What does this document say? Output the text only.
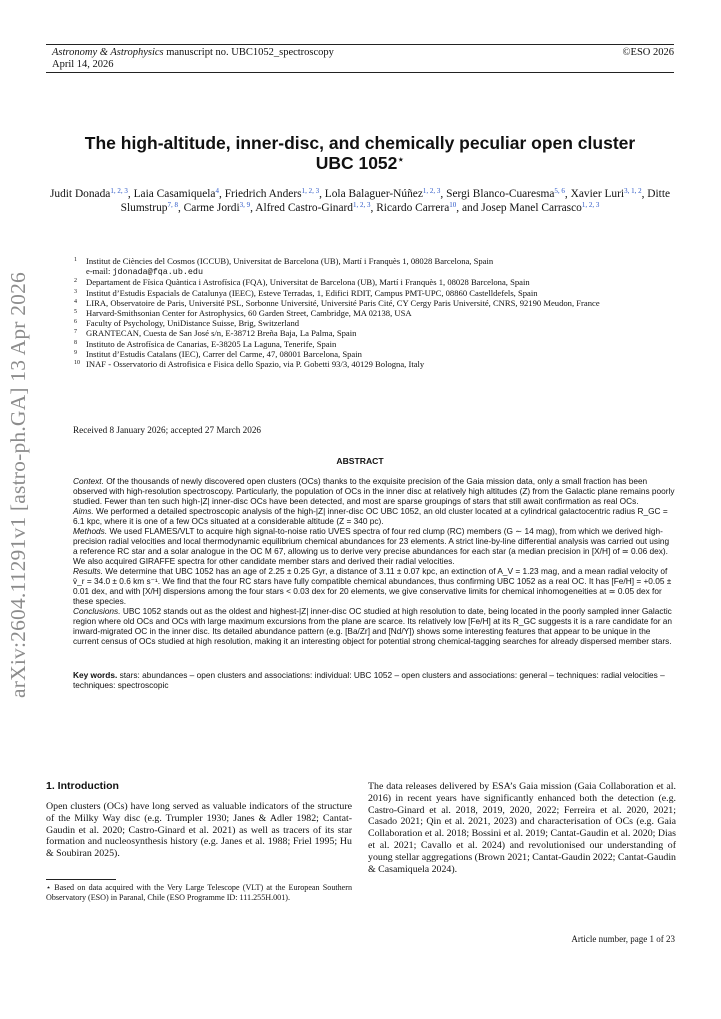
Astronomy & Astrophysics manuscript no. UBC1052_spectroscopy
April 14, 2026
©ESO 2026
arXiv:2604.11291v1 [astro-ph.GA] 13 Apr 2026
The high-altitude, inner-disc, and chemically peculiar open cluster
UBC 1052⋆
Judit Donada$^{1, 2, 3}$, Laia Casamiquela$^4$, Friedrich Anders$^{1, 2, 3}$, Lola Balaguer-Núñez$^{1, 2, 3}$, Sergi Blanco-Cuaresma$^{5, 6}$, Xavier Luri$^{3, 1, 2}$, Ditte Slumstrup$^{7, 8}$, Carme Jordi$^{3, 9}$, Alfred Castro-Ginard$^{1, 2, 3}$, Ricardo Carrera$^{10}$, and Josep Manel Carrasco$^{1, 2, 3}$
1 Institut de Ciències del Cosmos (ICCUB), Universitat de Barcelona (UB), Martí i Franquès 1, 08028 Barcelona, Spain
e-mail: jdonada@fqa.ub.edu
2 Departament de Física Quàntica i Astrofísica (FQA), Universitat de Barcelona (UB), Martí i Franquès 1, 08028 Barcelona, Spain
3 Institut d’Estudis Espacials de Catalunya (IEEC), Esteve Terradas, 1, Edifici RDIT, Campus PMT-UPC, 08860 Castelldefels, Spain
4 LIRA, Observatoire de Paris, Université PSL, Sorbonne Université, Université Paris Cité, CY Cergy Paris Université, CNRS, 92190 Meudon, France
5 Harvard-Smithsonian Center for Astrophysics, 60 Garden Street, Cambridge, MA 02138, USA
6 Faculty of Psychology, UniDistance Suisse, Brig, Switzerland
7 GRANTECAN, Cuesta de San José s/n, E-38712 Breña Baja, La Palma, Spain
8 Instituto de Astrofísica de Canarias, E-38205 La Laguna, Tenerife, Spain
9 Institut d’Estudis Catalans (IEC), Carrer del Carme, 47, 08001 Barcelona, Spain
10 INAF - Osservatorio di Astrofisica e Fisica dello Spazio, via P. Gobetti 93/3, 40129 Bologna, Italy
Received 8 January 2026; accepted 27 March 2026
ABSTRACT

Context. Of the thousands of newly discovered open clusters (OCs) thanks to the exquisite precision of the Gaia mission data, only a small fraction has been observed with high-resolution spectroscopy. Particularly, the population of OCs in the inner disc at relatively high altitudes (Z) from the Galactic plane remains poorly studied. Fewer than ten such high-|Z| inner-disc OCs have been detected, and most are sparse groupings of stars that still await confirmation as real OCs.

Aims. We performed a detailed spectroscopic analysis of the high-|Z| inner-disc OC UBC 1052, an old cluster located at a cylindrical galactocentric radius R_GC = 6.1 kpc, where it is one of a few OCs situated at a considerable altitude (Z = 340 pc).

Methods. We used FLAMES/VLT to acquire high signal-to-noise ratio UVES spectra of four red clump (RC) members (G ∼ 14 mag), from which we derived high-precision radial velocities and local thermodynamic equilibrium chemical abundances for 23 elements. A strict line-by-line differential analysis was carried out using a reference RC star and a solar analogue in the OC M 67, allowing us to derive very precise abundances for each star (a median precision in [X/H] of ≃ 0.06 dex). We also acquired GIRAFFE spectra for other candidate member stars and derived their radial velocities.

Results. We determine that UBC 1052 has an age of 2.25 ± 0.25 Gyr, a distance of 3.11 ± 0.07 kpc, an extinction of A_V = 1.23 mag, and a mean radial velocity of v̄_r = 34.0 ± 0.6 km s⁻¹. We find that the four RC stars have fully compatible chemical abundances, thus confirming UBC 1052 as a real OC. It has [Fe/H] = +0.05 ± 0.01 dex, and with [X/H] dispersions among the four stars < 0.03 dex for 20 elements, we give conservative limits for chemical inhomogeneities at ≃ 0.05 dex for these species.

Conclusions. UBC 1052 stands out as the oldest and highest-|Z| inner-disc OC studied at high resolution to date, being located in the poorly sampled inner Galactic region where old OCs and OCs with large maximum excursions from the plane are scarce. Its relatively low [Fe/H] at its R_GC suggests it is a rare candidate for an inward-migrated OC in the inner disc. Its detailed abundance pattern (e.g. [Ba/Zr] and [Nd/Y]) shows some interesting features that appear to be unique in the current census of OCs studied at high resolution, making it an interesting object for potential strong chemical-tagging searches for already dispersed member stars.

Key words. stars: abundances – open clusters and associations: individual: UBC 1052 – open clusters and associations: general – techniques: radial velocities – techniques: spectroscopic
1. Introduction
Open clusters (OCs) have long served as valuable indicators of the structure of the Milky Way disc (e.g. Trumpler 1930; Janes & Adler 1982; Cantat-Gaudin et al. 2020; Castro-Ginard et al. 2021) as well as tracers of its star formation and nucleosynthesis history (e.g. Janes et al. 1988; Friel 1995; Hu & Soubiran 2025).
The data releases delivered by ESA’s Gaia mission (Gaia Collaboration et al. 2016) in recent years have significantly enhanced both the detection (e.g. Castro-Ginard et al. 2018, 2019, 2020, 2022; Ferreira et al. 2020, 2021; Casado 2021; Qin et al. 2021, 2023) and characterisation of OCs (e.g. Gaia Collaboration et al. 2018; Bossini et al. 2019; Cantat-Gaudin et al. 2020; Dias et al. 2021; Cavallo et al. 2024) and revolutionised our understanding of young stellar aggregations (Brown 2021; Cantat-Gaudin 2022; Cantat-Gaudin & Casamiquela 2024).
⋆ Based on data acquired with the Very Large Telescope (VLT) at the European Southern Observatory (ESO) in Paranal, Chile (ESO Programme ID: 111.255H.001).
Article number, page 1 of 23
